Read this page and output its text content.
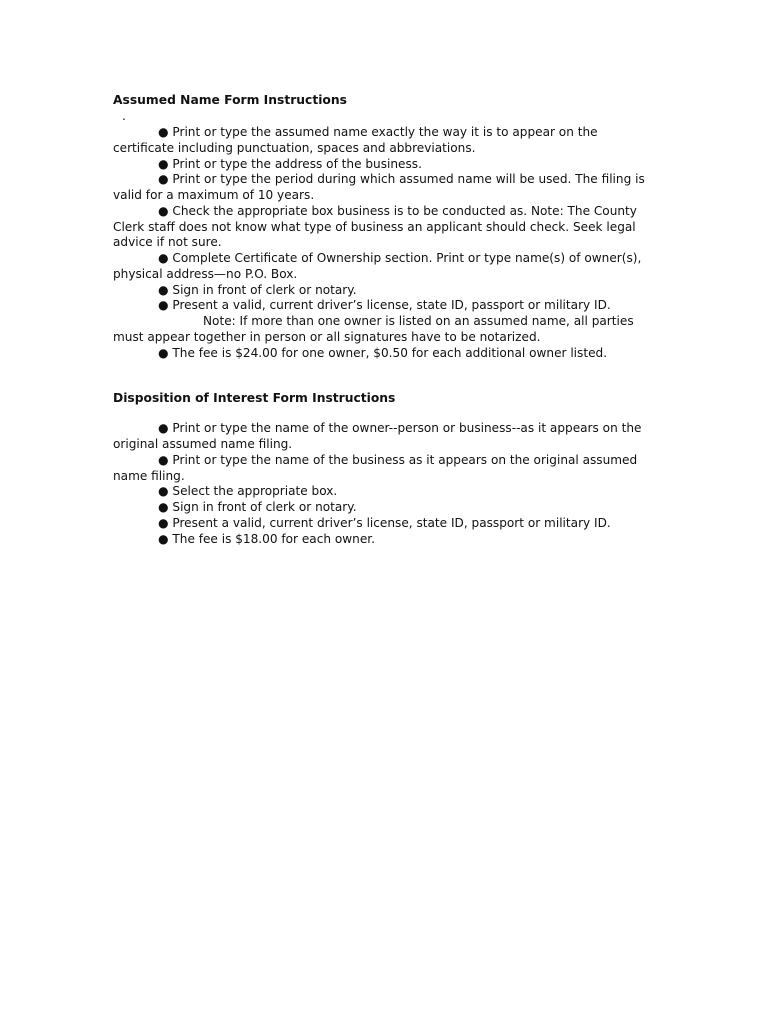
Assumed Name Form Instructions

.

● Print or type the assumed name exactly the way it is to appear on the certificate including punctuation, spaces and abbreviations.

● Print or type the address of the business.

● Print or type the period during which assumed name will be used. The filing is valid for a maximum of 10 years.

● Check the appropriate box business is to be conducted as. Note: The County Clerk staff does not know what type of business an applicant should check. Seek legal advice if not sure.

● Complete Certificate of Ownership section. Print or type name(s) of owner(s), physical address—no P.O. Box.

● Sign in front of clerk or notary.

● Present a valid, current driver’s license, state ID, passport or military ID.

Note: If more than one owner is listed on an assumed name, all parties must appear together in person or all signatures have to be notarized.

● The fee is $24.00 for one owner, $0.50 for each additional owner listed.

Disposition of Interest Form Instructions

● Print or type the name of the owner--person or business--as it appears on the original assumed name filing.

● Print or type the name of the business as it appears on the original assumed name filing.

● Select the appropriate box.

● Sign in front of clerk or notary.

● Present a valid, current driver’s license, state ID, passport or military ID.

● The fee is $18.00 for each owner.
